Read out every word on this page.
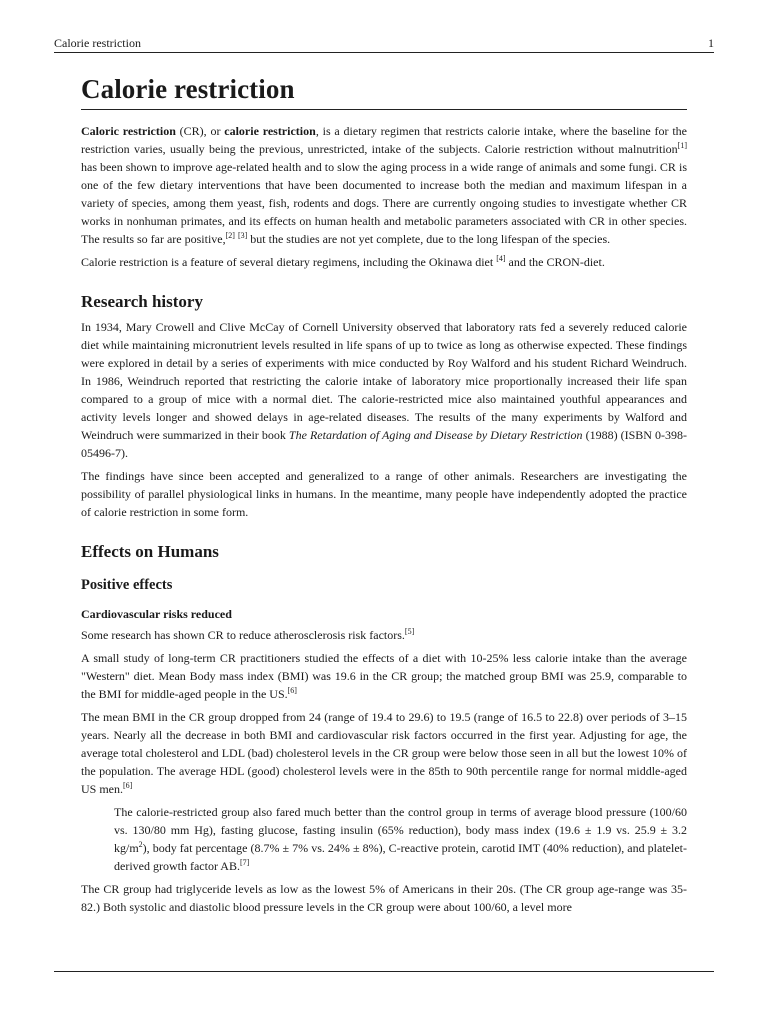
Calorie restriction	1
Calorie restriction

Caloric restriction (CR), or calorie restriction, is a dietary regimen that restricts calorie intake, where the baseline for the restriction varies, usually being the previous, unrestricted, intake of the subjects. Calorie restriction without malnutrition[1] has been shown to improve age-related health and to slow the aging process in a wide range of animals and some fungi. CR is one of the few dietary interventions that have been documented to increase both the median and maximum lifespan in a variety of species, among them yeast, fish, rodents and dogs. There are currently ongoing studies to investigate whether CR works in nonhuman primates, and its effects on human health and metabolic parameters associated with CR in other species. The results so far are positive,[2] [3] but the studies are not yet complete, due to the long lifespan of the species.

Calorie restriction is a feature of several dietary regimens, including the Okinawa diet [4] and the CRON-diet.

Research history

In 1934, Mary Crowell and Clive McCay of Cornell University observed that laboratory rats fed a severely reduced calorie diet while maintaining micronutrient levels resulted in life spans of up to twice as long as otherwise expected. These findings were explored in detail by a series of experiments with mice conducted by Roy Walford and his student Richard Weindruch. In 1986, Weindruch reported that restricting the calorie intake of laboratory mice proportionally increased their life span compared to a group of mice with a normal diet. The calorie-restricted mice also maintained youthful appearances and activity levels longer and showed delays in age-related diseases. The results of the many experiments by Walford and Weindruch were summarized in their book The Retardation of Aging and Disease by Dietary Restriction (1988) (ISBN 0-398-05496-7).

The findings have since been accepted and generalized to a range of other animals. Researchers are investigating the possibility of parallel physiological links in humans. In the meantime, many people have independently adopted the practice of calorie restriction in some form.

Effects on Humans
Positive effects
Cardiovascular risks reduced

Some research has shown CR to reduce atherosclerosis risk factors.[5]

A small study of long-term CR practitioners studied the effects of a diet with 10-25% less calorie intake than the average "Western" diet. Mean Body mass index (BMI) was 19.6 in the CR group; the matched group BMI was 25.9, comparable to the BMI for middle-aged people in the US.[6]

The mean BMI in the CR group dropped from 24 (range of 19.4 to 29.6) to 19.5 (range of 16.5 to 22.8) over periods of 3–15 years. Nearly all the decrease in both BMI and cardiovascular risk factors occurred in the first year. Adjusting for age, the average total cholesterol and LDL (bad) cholesterol levels in the CR group were below those seen in all but the lowest 10% of the population. The average HDL (good) cholesterol levels were in the 85th to 90th percentile range for normal middle-aged US men.[6]

The calorie-restricted group also fared much better than the control group in terms of average blood pressure (100/60 vs. 130/80 mm Hg), fasting glucose, fasting insulin (65% reduction), body mass index (19.6 ± 1.9 vs. 25.9 ± 3.2 $kg/m^2$), body fat percentage (8.7% ± 7% vs. 24% ± 8%), C-reactive protein, carotid IMT (40% reduction), and platelet-derived growth factor AB.[7]

The CR group had triglyceride levels as low as the lowest 5% of Americans in their 20s. (The CR group age-range was 35-82.) Both systolic and diastolic blood pressure levels in the CR group were about 100/60, a level more
